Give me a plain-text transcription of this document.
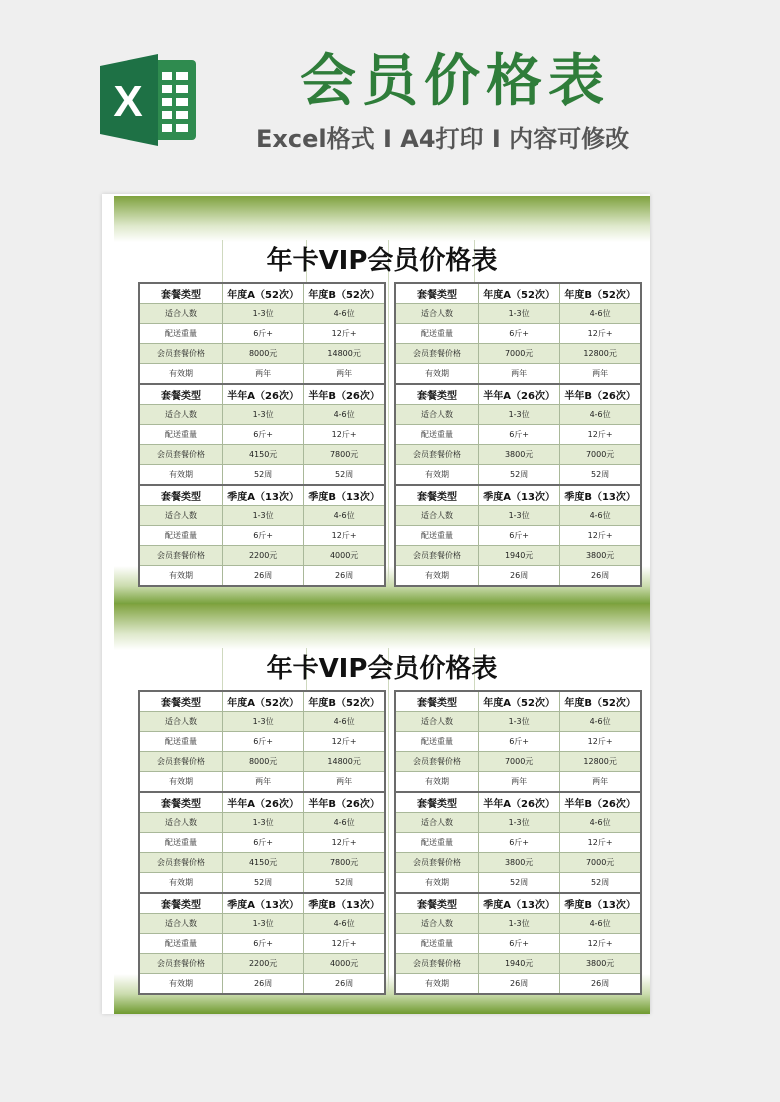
X	会员价格表
Excel格式 Ⅰ A4打印 Ⅰ 内容可修改
年卡VIP会员价格表
套餐类型	年度A（52次）	年度B（52次）
适合人数	1-3位	4-6位
配送重量	6斤+	12斤+
会员套餐价格	8000元	14800元
有效期	两年	两年
套餐类型	年度A（52次）	年度B（52次）
适合人数	1-3位	4-6位
配送重量	6斤+	12斤+
会员套餐价格	7000元	12800元
有效期	两年	两年
套餐类型	半年A（26次）	半年B（26次）
适合人数	1-3位	4-6位
配送重量	6斤+	12斤+
会员套餐价格	4150元	7800元
有效期	52周	52周
套餐类型	半年A（26次）	半年B（26次）
适合人数	1-3位	4-6位
配送重量	6斤+	12斤+
会员套餐价格	3800元	7000元
有效期	52周	52周
套餐类型	季度A（13次）	季度B（13次）
适合人数	1-3位	4-6位
配送重量	6斤+	12斤+
会员套餐价格	2200元	4000元
有效期	26周	26周
套餐类型	季度A（13次）	季度B（13次）
适合人数	1-3位	4-6位
配送重量	6斤+	12斤+
会员套餐价格	1940元	3800元
有效期	26周	26周
年卡VIP会员价格表
套餐类型	年度A（52次）	年度B（52次）
适合人数	1-3位	4-6位
配送重量	6斤+	12斤+
会员套餐价格	8000元	14800元
有效期	两年	两年
套餐类型	年度A（52次）	年度B（52次）
适合人数	1-3位	4-6位
配送重量	6斤+	12斤+
会员套餐价格	7000元	12800元
有效期	两年	两年
套餐类型	半年A（26次）	半年B（26次）
适合人数	1-3位	4-6位
配送重量	6斤+	12斤+
会员套餐价格	4150元	7800元
有效期	52周	52周
套餐类型	半年A（26次）	半年B（26次）
适合人数	1-3位	4-6位
配送重量	6斤+	12斤+
会员套餐价格	3800元	7000元
有效期	52周	52周
套餐类型	季度A（13次）	季度B（13次）
适合人数	1-3位	4-6位
配送重量	6斤+	12斤+
会员套餐价格	2200元	4000元
有效期	26周	26周
套餐类型	季度A（13次）	季度B（13次）
适合人数	1-3位	4-6位
配送重量	6斤+	12斤+
会员套餐价格	1940元	3800元
有效期	26周	26周
